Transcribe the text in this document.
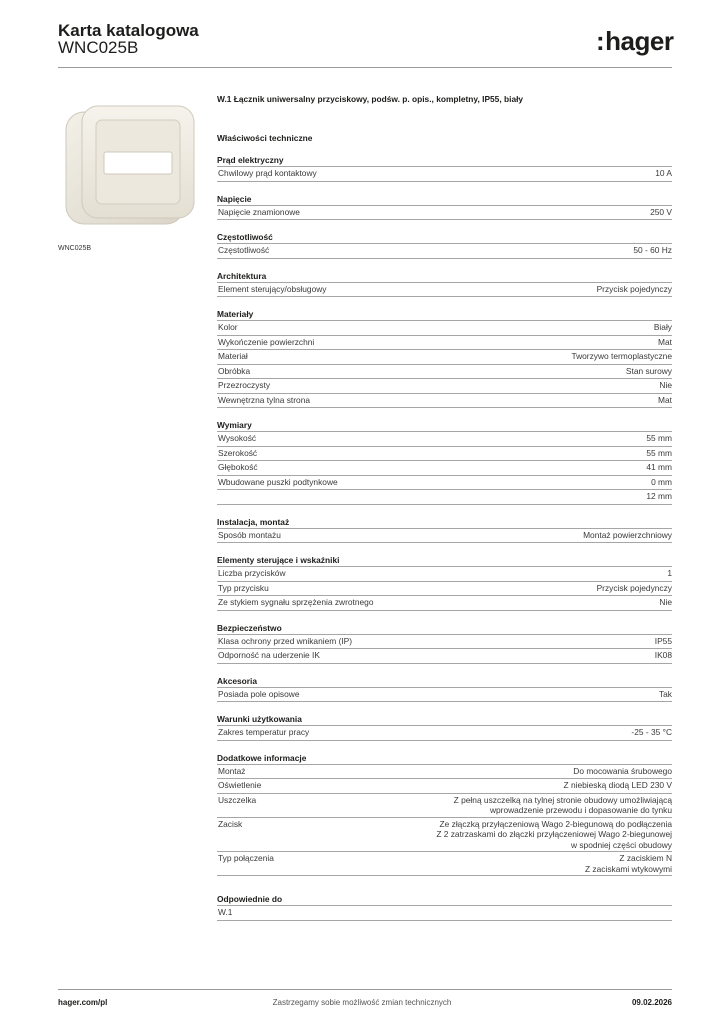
Karta katalogowa
WNC025B	:hager
WNC025B
W.1 Łącznik uniwersalny przyciskowy, podśw. p. opis., kompletny, IP55, biały
Właściwości techniczne
Prąd elektryczny
Chwilowy prąd kontaktowy	10 A
Napięcie
Napięcie znamionowe	250 V
Częstotliwość
Częstotliwość	50 - 60 Hz
Architektura
Element sterujący/obsługowy	Przycisk pojedynczy
Materiały
Kolor	Biały
Wykończenie powierzchni	Mat
Materiał	Tworzywo termoplastyczne
Obróbka	Stan surowy
Przezroczysty	Nie
Wewnętrzna tylna strona	Mat
Wymiary
Wysokość	55 mm
Szerokość	55 mm
Głębokość	41 mm
Wbudowane puszki podtynkowe	0 mm
12 mm
Instalacja, montaż
Sposób montażu	Montaż powierzchniowy
Elementy sterujące i wskaźniki
Liczba przycisków	1
Typ przycisku	Przycisk pojedynczy
Ze stykiem sygnału sprzężenia zwrotnego	Nie
Bezpieczeństwo
Klasa ochrony przed wnikaniem (IP)	IP55
Odporność na uderzenie IK	IK08
Akcesoria
Posiada pole opisowe	Tak
Warunki użytkowania
Zakres temperatur pracy	-25 - 35 °C
Dodatkowe informacje
Montaż	Do mocowania śrubowego
Oświetlenie	Z niebieską diodą LED 230 V
Uszczelka	Z pełną uszczelką na tylnej stronie obudowy umożliwiającą
wprowadzenie przewodu i dopasowanie do tynku
Zacisk	Ze złączką przyłączeniową Wago 2-biegunową do podłączenia
Z 2 zatrzaskami do złączki przyłączeniowej Wago 2-biegunowej
w spodniej części obudowy
Typ połączenia	Z zaciskiem N
Z zaciskami wtykowymi
Odpowiednie do
W.1
hager.com/pl	Zastrzegamy sobie możliwość zmian technicznych	09.02.2026
